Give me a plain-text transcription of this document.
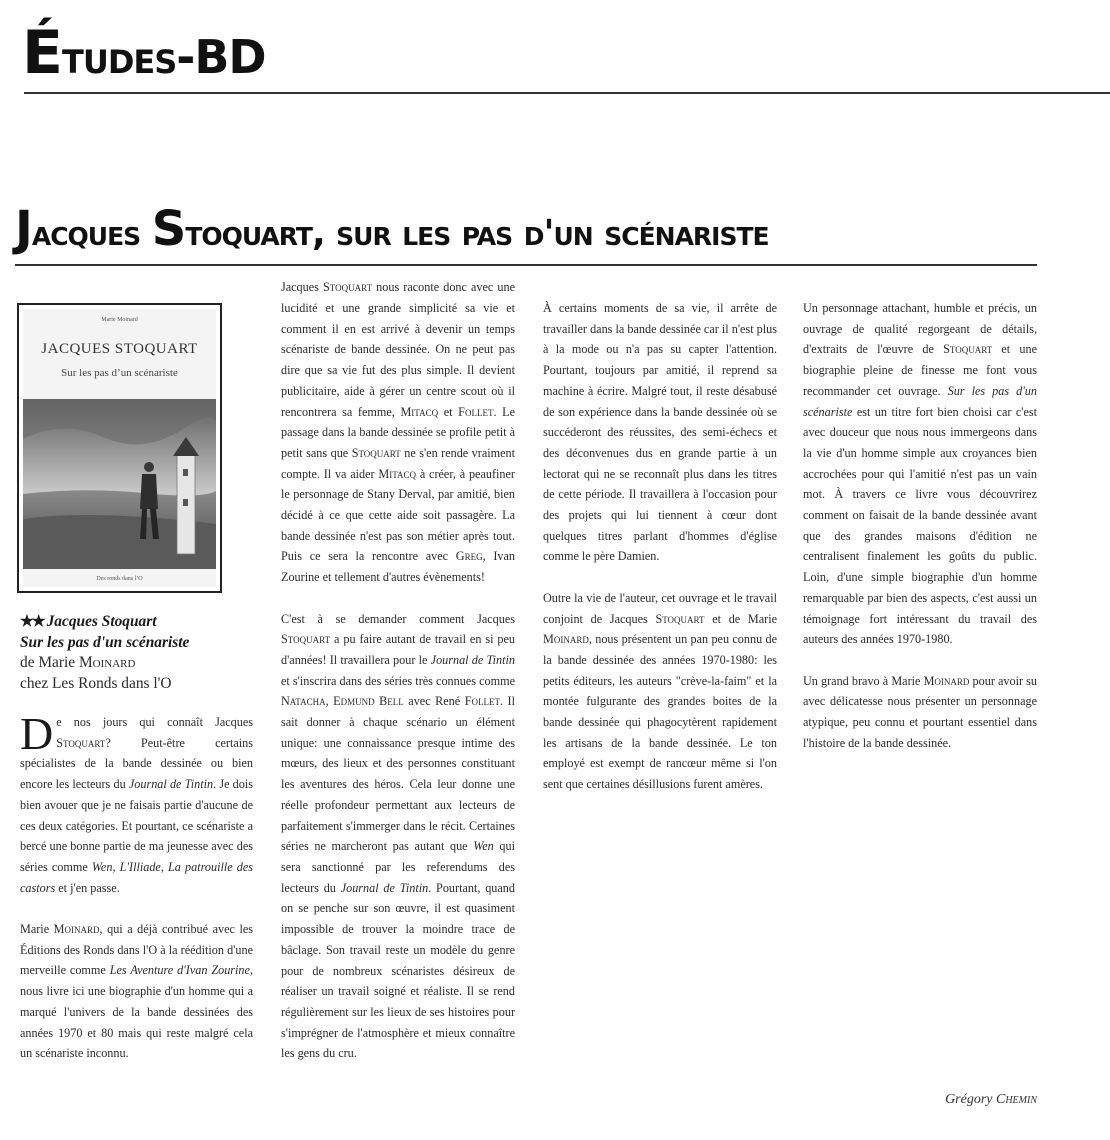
Études-BD
Jacques Stoquart, sur les pas d'un scénariste
Marie Moinard
JACQUES STOQUART
Sur les pas d’un scénariste
Des ronds dans l’O
★★ Jacques Stoquart
Sur les pas d'un scénariste
de Marie Moinard
chez Les Ronds dans l'O

De nos jours qui connaît Jacques Stoquart? Peut-être certains spécialistes de la bande dessinée ou bien encore les lecteurs du Journal de Tintin. Je dois bien avouer que je ne faisais partie d'aucune de ces deux catégories. Et pourtant, ce scénariste a bercé une bonne partie de ma jeunesse avec des séries comme Wen, L'Illiade, La patrouille des castors et j'en passe.

Marie Moinard, qui a déjà contribué avec les Éditions des Ronds dans l'O à la réédition d'une merveille comme Les Aventure d'Ivan Zourine, nous livre ici une biographie d'un homme qui a marqué l'univers de la bande dessinées des années 1970 et 80 mais qui reste malgré cela un scénariste inconnu.

Jacques Stoquart nous raconte donc avec une lucidité et une grande simplicité sa vie et comment il en est arrivé à devenir un temps scénariste de bande dessinée. On ne peut pas dire que sa vie fut des plus simple. Il devient publicitaire, aide à gérer un centre scout où il rencontrera sa femme, Mitacq et Follet. Le passage dans la bande dessinée se profile petit à petit sans que Stoquart ne s'en rende vraiment compte. Il va aider Mitacq à créer, à peaufiner le personnage de Stany Derval, par amitié, bien décidé à ce que cette aide soit passagère. La bande dessinée n'est pas son métier après tout. Puis ce sera la rencontre avec Greg, Ivan Zourine et tellement d'autres évènements!

C'est à se demander comment Jacques Stoquart a pu faire autant de travail en si peu d'années! Il travaillera pour le Journal de Tintin et s'inscrira dans des séries très connues comme Natacha, Edmund Bell avec René Follet. Il sait donner à chaque scénario un élément unique: une connaissance presque intime des mœurs, des lieux et des personnes constituant les aventures des héros. Cela leur donne une réelle profondeur permettant aux lecteurs de parfaitement s'immerger dans le récit. Certaines séries ne marcheront pas autant que Wen qui sera sanctionné par les referendums des lecteurs du Journal de Tintin. Pourtant, quand on se penche sur son œuvre, il est quasiment impossible de trouver la moindre trace de bâclage. Son travail reste un modèle du genre pour de nombreux scénaristes désireux de réaliser un travail soigné et réaliste. Il se rend régulièrement sur les lieux de ses histoires pour s'imprégner de l'atmosphère et mieux connaître les gens du cru.

À certains moments de sa vie, il arrête de travailler dans la bande dessinée car il n'est plus à la mode ou n'a pas su capter l'attention. Pourtant, toujours par amitié, il reprend sa machine à écrire. Malgré tout, il reste désabusé de son expérience dans la bande dessinée où se succéderont des réussites, des semi-échecs et des déconvenues dus en grande partie à un lectorat qui ne se reconnaît plus dans les titres de cette période. Il travaillera à l'occasion pour des projets qui lui tiennent à cœur dont quelques titres parlant d'hommes d'église comme le père Damien.

Outre la vie de l'auteur, cet ouvrage et le travail conjoint de Jacques Stoquart et de Marie Moinard, nous présentent un pan peu connu de la bande dessinée des années 1970-1980: les petits éditeurs, les auteurs "crève-la-faim" et la montée fulgurante des grandes boites de la bande dessinée qui phagocytèrent rapidement les artisans de la bande dessinée. Le ton employé est exempt de rancœur même si l'on sent que certaines désillusions furent amères.

Un personnage attachant, humble et précis, un ouvrage de qualité regorgeant de détails, d'extraits de l'œuvre de Stoquart et une biographie pleine de finesse me font vous recommander cet ouvrage. Sur les pas d'un scénariste est un titre fort bien choisi car c'est avec douceur que nous nous immergeons dans la vie d'un homme simple aux croyances bien accrochées pour qui l'amitié n'est pas un vain mot. À travers ce livre vous découvrirez comment on faisait de la bande dessinée avant que des grandes maisons d'édition ne centralisent finalement les goûts du public. Loin, d'une simple biographie d'un homme remarquable par bien des aspects, c'est aussi un témoignage fort intéressant du travail des auteurs des années 1970-1980.

Un grand bravo à Marie Moinard pour avoir su avec délicatesse nous présenter un personnage atypique, peu connu et pourtant essentiel dans l'histoire de la bande dessinée.

Grégory Chemin
